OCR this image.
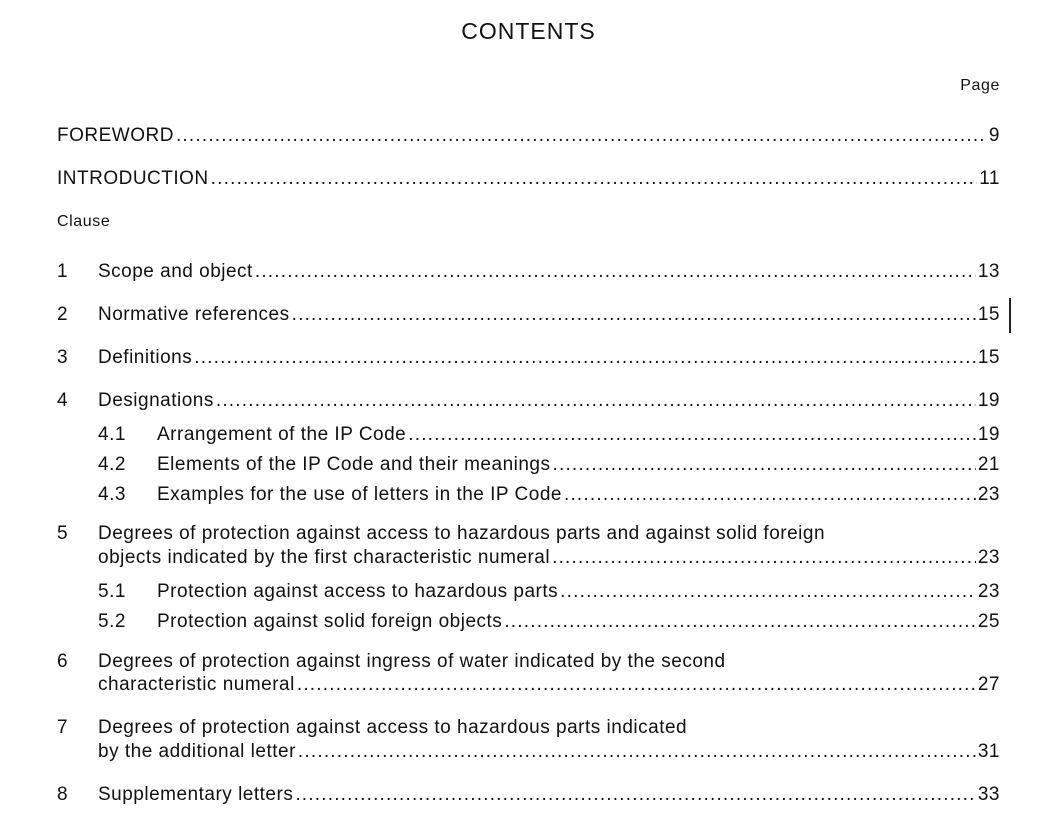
CONTENTS
Page
FOREWORD .....	9
INTRODUCTION .....	11
Clause
1	Scope and object .....	13
2	Normative references .....	15
3	Definitions .....	15
4	Designations .....	19
4.1	Arrangement of the IP Code .....	19
4.2	Elements of the IP Code and their meanings .....	21
4.3	Examples for the use of letters in the IP Code .....	23
5	Degrees of protection against access to hazardous parts and against solid foreign
objects indicated by the first characteristic numeral .....	23
5.1	Protection against access to hazardous parts .....	23
5.2	Protection against solid foreign objects .....	25
6	Degrees of protection against ingress of water indicated by the second
characteristic numeral .....	27
7	Degrees of protection against access to hazardous parts indicated
by the additional letter .....	31
8	Supplementary letters .....	33
